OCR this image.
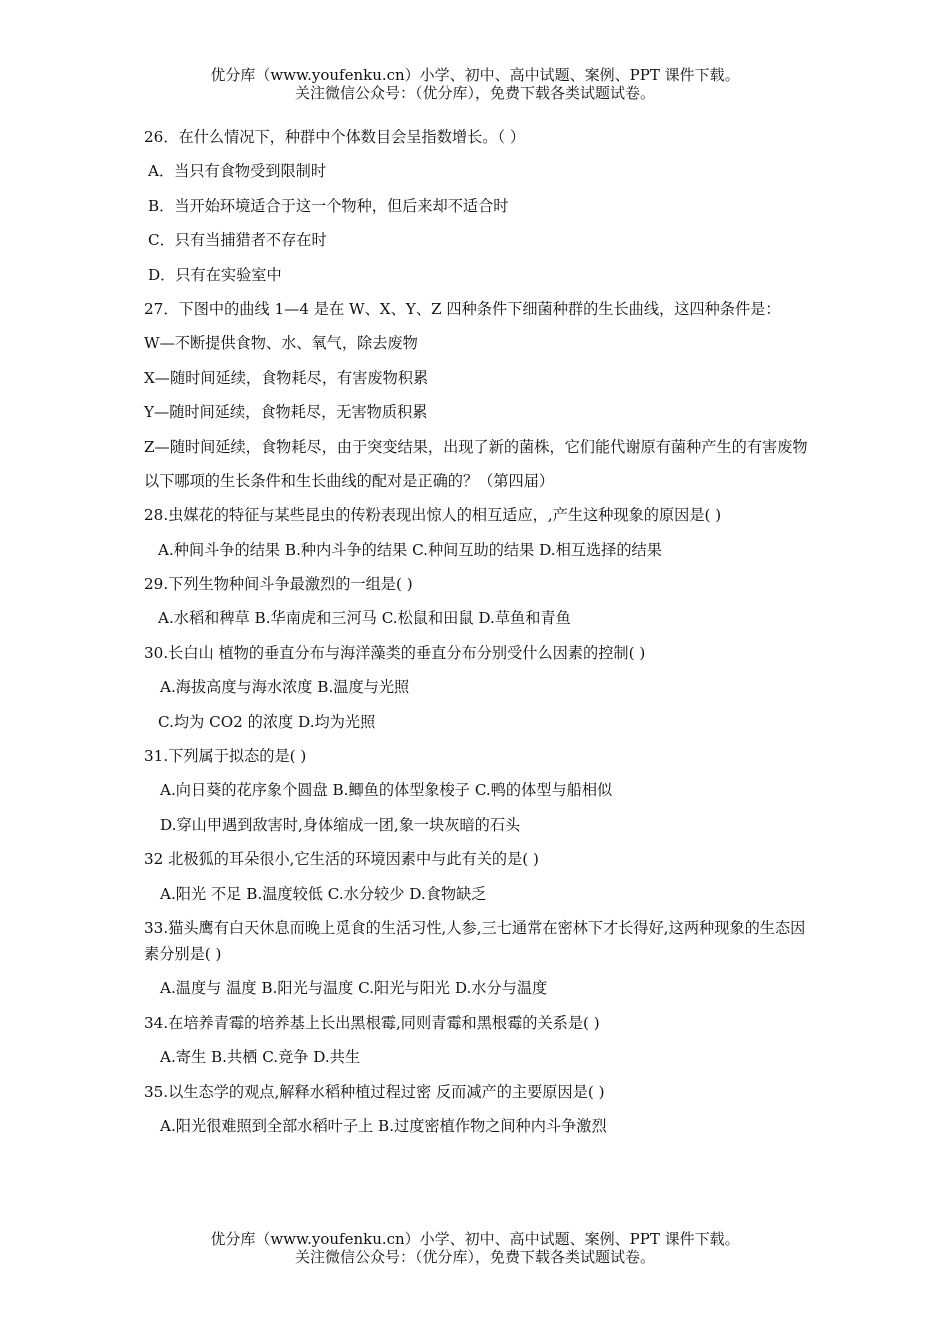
优分库（www.youfenku.cn）小学、初中、高中试题、案例、PPT 课件下载。
关注微信公众号：（优分库），免费下载各类试题试卷。
26．在什么情况下，种群中个体数目会呈指数增长。（ ）
A．当只有食物受到限制时
B．当开始环境适合于这一个物种，但后来却不适合时
C．只有当捕猎者不存在时
D．只有在实验室中
27．下图中的曲线 1—4 是在 W、X、Y、Z 四种条件下细菌种群的生长曲线，这四种条件是：
W—不断提供食物、水、氧气，除去废物
X—随时间延续，食物耗尽，有害废物积累
Y—随时间延续，食物耗尽，无害物质积累
Z—随时间延续，食物耗尽，由于突变结果，出现了新的菌株，它们能代谢原有菌种产生的有害废物
以下哪项的生长条件和生长曲线的配对是正确的？（第四届）
28.虫媒花的特征与某些昆虫的传粉表现出惊人的相互适应，,产生这种现象的原因是( )
A.种间斗争的结果 B.种内斗争的结果 C.种间互助的结果 D.相互选择的结果
29.下列生物种间斗争最激烈的一组是( )
A.水稻和稗草 B.华南虎和三河马 C.松鼠和田鼠 D.草鱼和青鱼
30.长白山 植物的垂直分布与海洋藻类的垂直分布分别受什么因素的控制( )
A.海拔高度与海水浓度 B.温度与光照
C.均为 CO2 的浓度 D.均为光照
31.下列属于拟态的是( )
A.向日葵的花序象个圆盘 B.鲫鱼的体型象梭子 C.鸭的体型与船相似
D.穿山甲遇到敌害时,身体缩成一团,象一块灰暗的石头
32 北极狐的耳朵很小,它生活的环境因素中与此有关的是( )
A.阳光 不足 B.温度较低 C.水分较少 D.食物缺乏
33.猫头鹰有白天休息而晚上觅食的生活习性,人参,三七通常在密林下才长得好,这两种现象的生态因素分别是( )
A.温度与 温度 B.阳光与温度 C.阳光与阳光 D.水分与温度
34.在培养青霉的培养基上长出黑根霉,同则青霉和黑根霉的关系是( )
A.寄生 B.共栖 C.竞争 D.共生
35.以生态学的观点,解释水稻种植过程过密 反而减产的主要原因是( )
A.阳光很难照到全部水稻叶子上 B.过度密植作物之间种内斗争激烈
优分库（www.youfenku.cn）小学、初中、高中试题、案例、PPT 课件下载。
关注微信公众号：（优分库），免费下载各类试题试卷。
